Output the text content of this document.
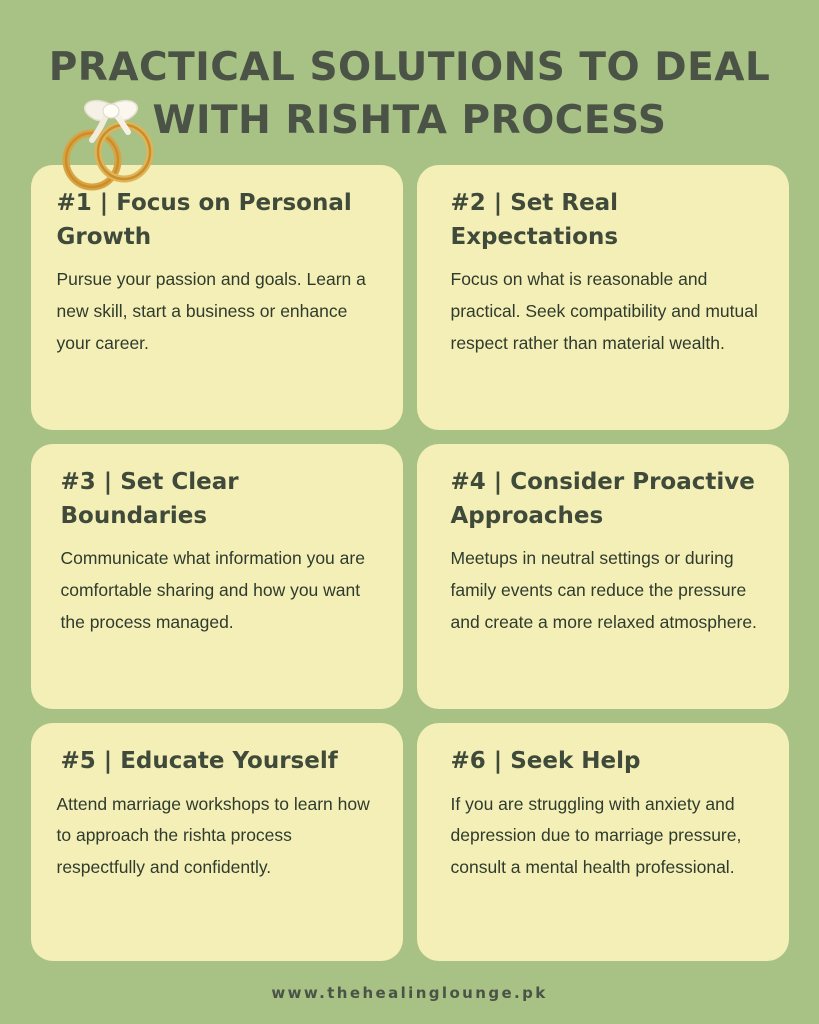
PRACTICAL SOLUTIONS TO DEAL WITH RISHTA PROCESS

#1 | Focus on Personal Growth

Pursue your passion and goals. Learn a new skill, start a business or enhance your career.

#2 | Set Real Expectations

Focus on what is reasonable and practical. Seek compatibility and mutual respect rather than material wealth.

#3 | Set Clear Boundaries

Communicate what information you are comfortable sharing and how you want the process managed.

#4 | Consider Proactive Approaches

Meetups in neutral settings or during family events can reduce the pressure and create a more relaxed atmosphere.

#5 | Educate Yourself

Attend marriage workshops to learn how to approach the rishta process respectfully and confidently.

#6 | Seek Help

If you are struggling with anxiety and depression due to marriage pressure, consult a mental health professional.

www.thehealinglounge.pk
